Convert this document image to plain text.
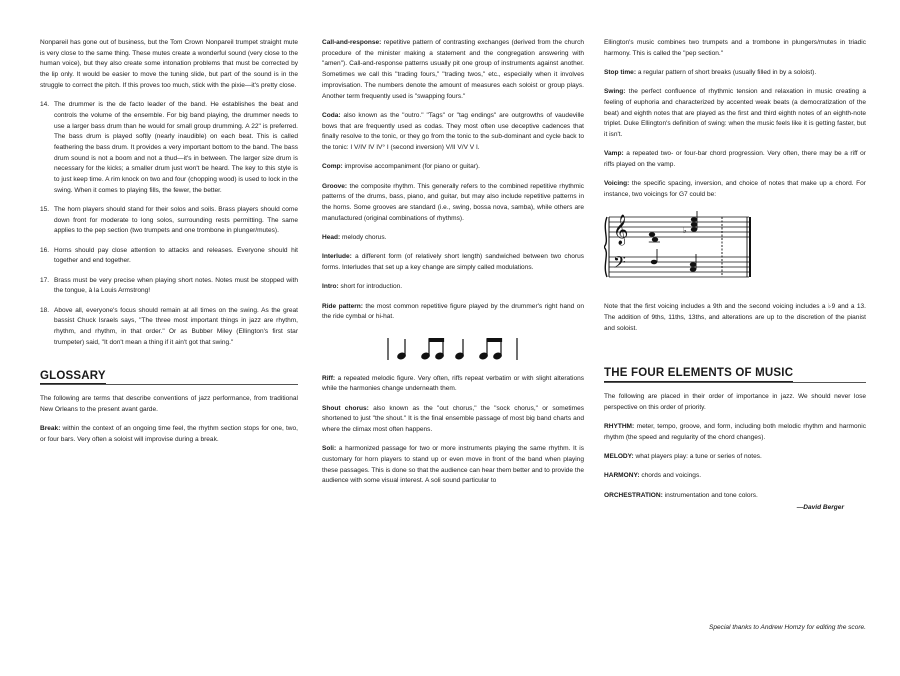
Nonpareil has gone out of business, but the Tom Crown Nonpareil trumpet straight mute is very close to the same thing. These mutes create a wonderful sound (very close to the human voice), but they also create some intonation problems that must be corrected by the lip only. It would be easier to move the tuning slide, but part of the sound is in the struggle to correct the pitch. If this proves too much, stick with the pixie—it's pretty close.

14. The drummer is the de facto leader of the band. He establishes the beat and controls the volume of the ensemble. For big band playing, the drummer needs to use a larger bass drum than he would for small group drumming. A 22" is preferred. The bass drum is played softly (nearly inaudible) on each beat. This is called feathering the bass drum. It provides a very important bottom to the band. The bass drum sound is not a boom and not a thud—it's in between. The larger size drum is necessary for the kicks; a smaller drum just won't be heard. The key to this style is to just keep time. A rim knock on two and four (chopping wood) is used to lock in the swing. When it comes to playing fills, the fewer, the better.
15. The horn players should stand for their solos and soils. Brass players should come down front for moderate to long solos, surrounding rests permitting. The same applies to the pep section (two trumpets and one trombone in plunger/mutes).
16. Horns should pay close attention to attacks and releases. Everyone should hit together and end together.
17. Brass must be very precise when playing short notes. Notes must be stopped with the tongue, à la Louis Armstrong!
18. Above all, everyone's focus should remain at all times on the swing. As the great bassist Chuck Israels says, "The three most important things in jazz are rhythm, rhythm, and rhythm, in that order." Or as Bubber Miley (Ellington's first star trumpeter) said, "It don't mean a thing if it ain't got that swing."
GLOSSARY

The following are terms that describe conventions of jazz performance, from traditional New Orleans to the present avant garde.

Break: within the context of an ongoing time feel, the rhythm section stops for one, two, or four bars. Very often a soloist will improvise during a break.

Call-and-response: repetitive pattern of contrasting exchanges (derived from the church procedure of the minister making a statement and the congregation answering with "amen"). Call-and-response patterns usually pit one group of instruments against another. Sometimes we call this "trading fours," "trading twos," etc., especially when it involves improvisation. The numbers denote the amount of measures each soloist or group plays. Another term frequently used is "swapping fours."

Coda: also known as the "outro." "Tags" or "tag endings" are outgrowths of vaudeville bows that are frequently used as codas. They most often use deceptive cadences that finally resolve to the tonic, or they go from the tonic to the sub-dominant and cycle back to the tonic: I V/IV IV IV° I (second inversion) V/II V/V V I.

Comp: improvise accompaniment (for piano or guitar).

Groove: the composite rhythm. This generally refers to the combined repetitive rhythmic patterns of the drums, bass, piano, and guitar, but may also include repetitive patterns in the horns. Some grooves are standard (i.e., swing, bossa nova, samba), while others are manufactured (original combinations of rhythms).

Head: melody chorus.

Interlude: a different form (of relatively short length) sandwiched between two chorus forms. Interludes that set up a key change are simply called modulations.

Intro: short for introduction.

Ride pattern: the most common repetitive figure played by the drummer's right hand on the ride cymbal or hi-hat.

Riff: a repeated melodic figure. Very often, riffs repeat verbatim or with slight alterations while the harmonies change underneath them.

Shout chorus: also known as the "out chorus," the "sock chorus," or sometimes shortened to just "the shout." It is the final ensemble passage of most big band charts and where the climax most often happens.

Soli: a harmonized passage for two or more instruments playing the same rhythm. It is customary for horn players to stand up or even move in front of the band when playing these passages. This is done so that the audience can hear them better and to provide the audience with some visual interest. A soli sound particular to

Ellington's music combines two trumpets and a trombone in plungers/mutes in triadic harmony. This is called the "pep section."

Stop time: a regular pattern of short breaks (usually filled in by a soloist).

Swing: the perfect confluence of rhythmic tension and relaxation in music creating a feeling of euphoria and characterized by accented weak beats (a democratization of the beat) and eighth notes that are played as the first and third eighth notes of an eighth-note triplet. Duke Ellington's definition of swing: when the music feels like it is getting faster, but it isn't.

Vamp: a repeated two- or four-bar chord progression. Very often, there may be a riff or riffs played on the vamp.

Voicing: the specific spacing, inversion, and choice of notes that make up a chord. For instance, two voicings for G7 could be:

𝄞
𝄢
♭

Note that the first voicing includes a 9th and the second voicing includes a ♭9 and a 13. The addition of 9ths, 11ths, 13ths, and alterations are up to the discretion of the pianist and soloist.

THE FOUR ELEMENTS OF MUSIC

The following are placed in their order of importance in jazz. We should never lose perspective on this order of priority.

RHYTHM: meter, tempo, groove, and form, including both melodic rhythm and harmonic rhythm (the speed and regularity of the chord changes).

MELODY: what players play: a tune or series of notes.

HARMONY: chords and voicings.

ORCHESTRATION: instrumentation and tone colors.

—David Berger

Special thanks to Andrew Homzy for editing the score.
